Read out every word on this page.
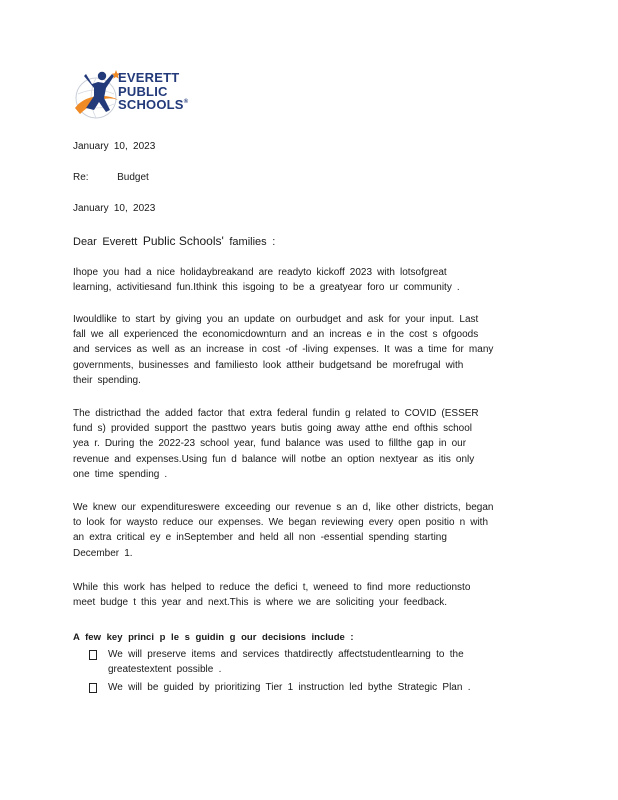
EVERETT
PUBLIC
SCHOOLS®
January 10, 2023
Re:	Budget
January 10, 2023
Dear Everett Public Schools' families :
Ihope you had a nice holidaybreakand are readyto kickoff 2023 with lotsofgreat
learning, activitiesand fun.Ithink this isgoing to be a greatyear foro ur community .
Iwouldlike to start by giving you an update on ourbudget and ask for your input. Last
fall we all experienced the economicdownturn and an increas e in the cost s ofgoods
and services as well as an increase in cost -of -living expenses. It was a time for many
governments, businesses and familiesto look attheir budgetsand be morefrugal with
their spending.
The districthad the added factor that extra federal fundin g related to COVID (ESSER
fund s) provided support the pasttwo years butis going away atthe end ofthis school
yea r. During the 2022-23 school year, fund balance was used to fillthe gap in our
revenue and expenses.Using fun d balance will notbe an option nextyear as itis only
one time spending .
We knew our expenditureswere exceeding our revenue s an d, like other districts, began
to look for waysto reduce our expenses. We began reviewing every open positio n with
an extra critical ey e inSeptember and held all non -essential spending starting
December 1.
While this work has helped to reduce the defici t, weneed to find more reductionsto
meet budge t this year and next.This is where we are soliciting your feedback.
A few key princi p le s guidin g our decisions include :
We will preserve items and services thatdirectly affectstudentlearning to the
greatestextent possible .
We will be guided by prioritizing Tier 1 instruction led bythe Strategic Plan .
